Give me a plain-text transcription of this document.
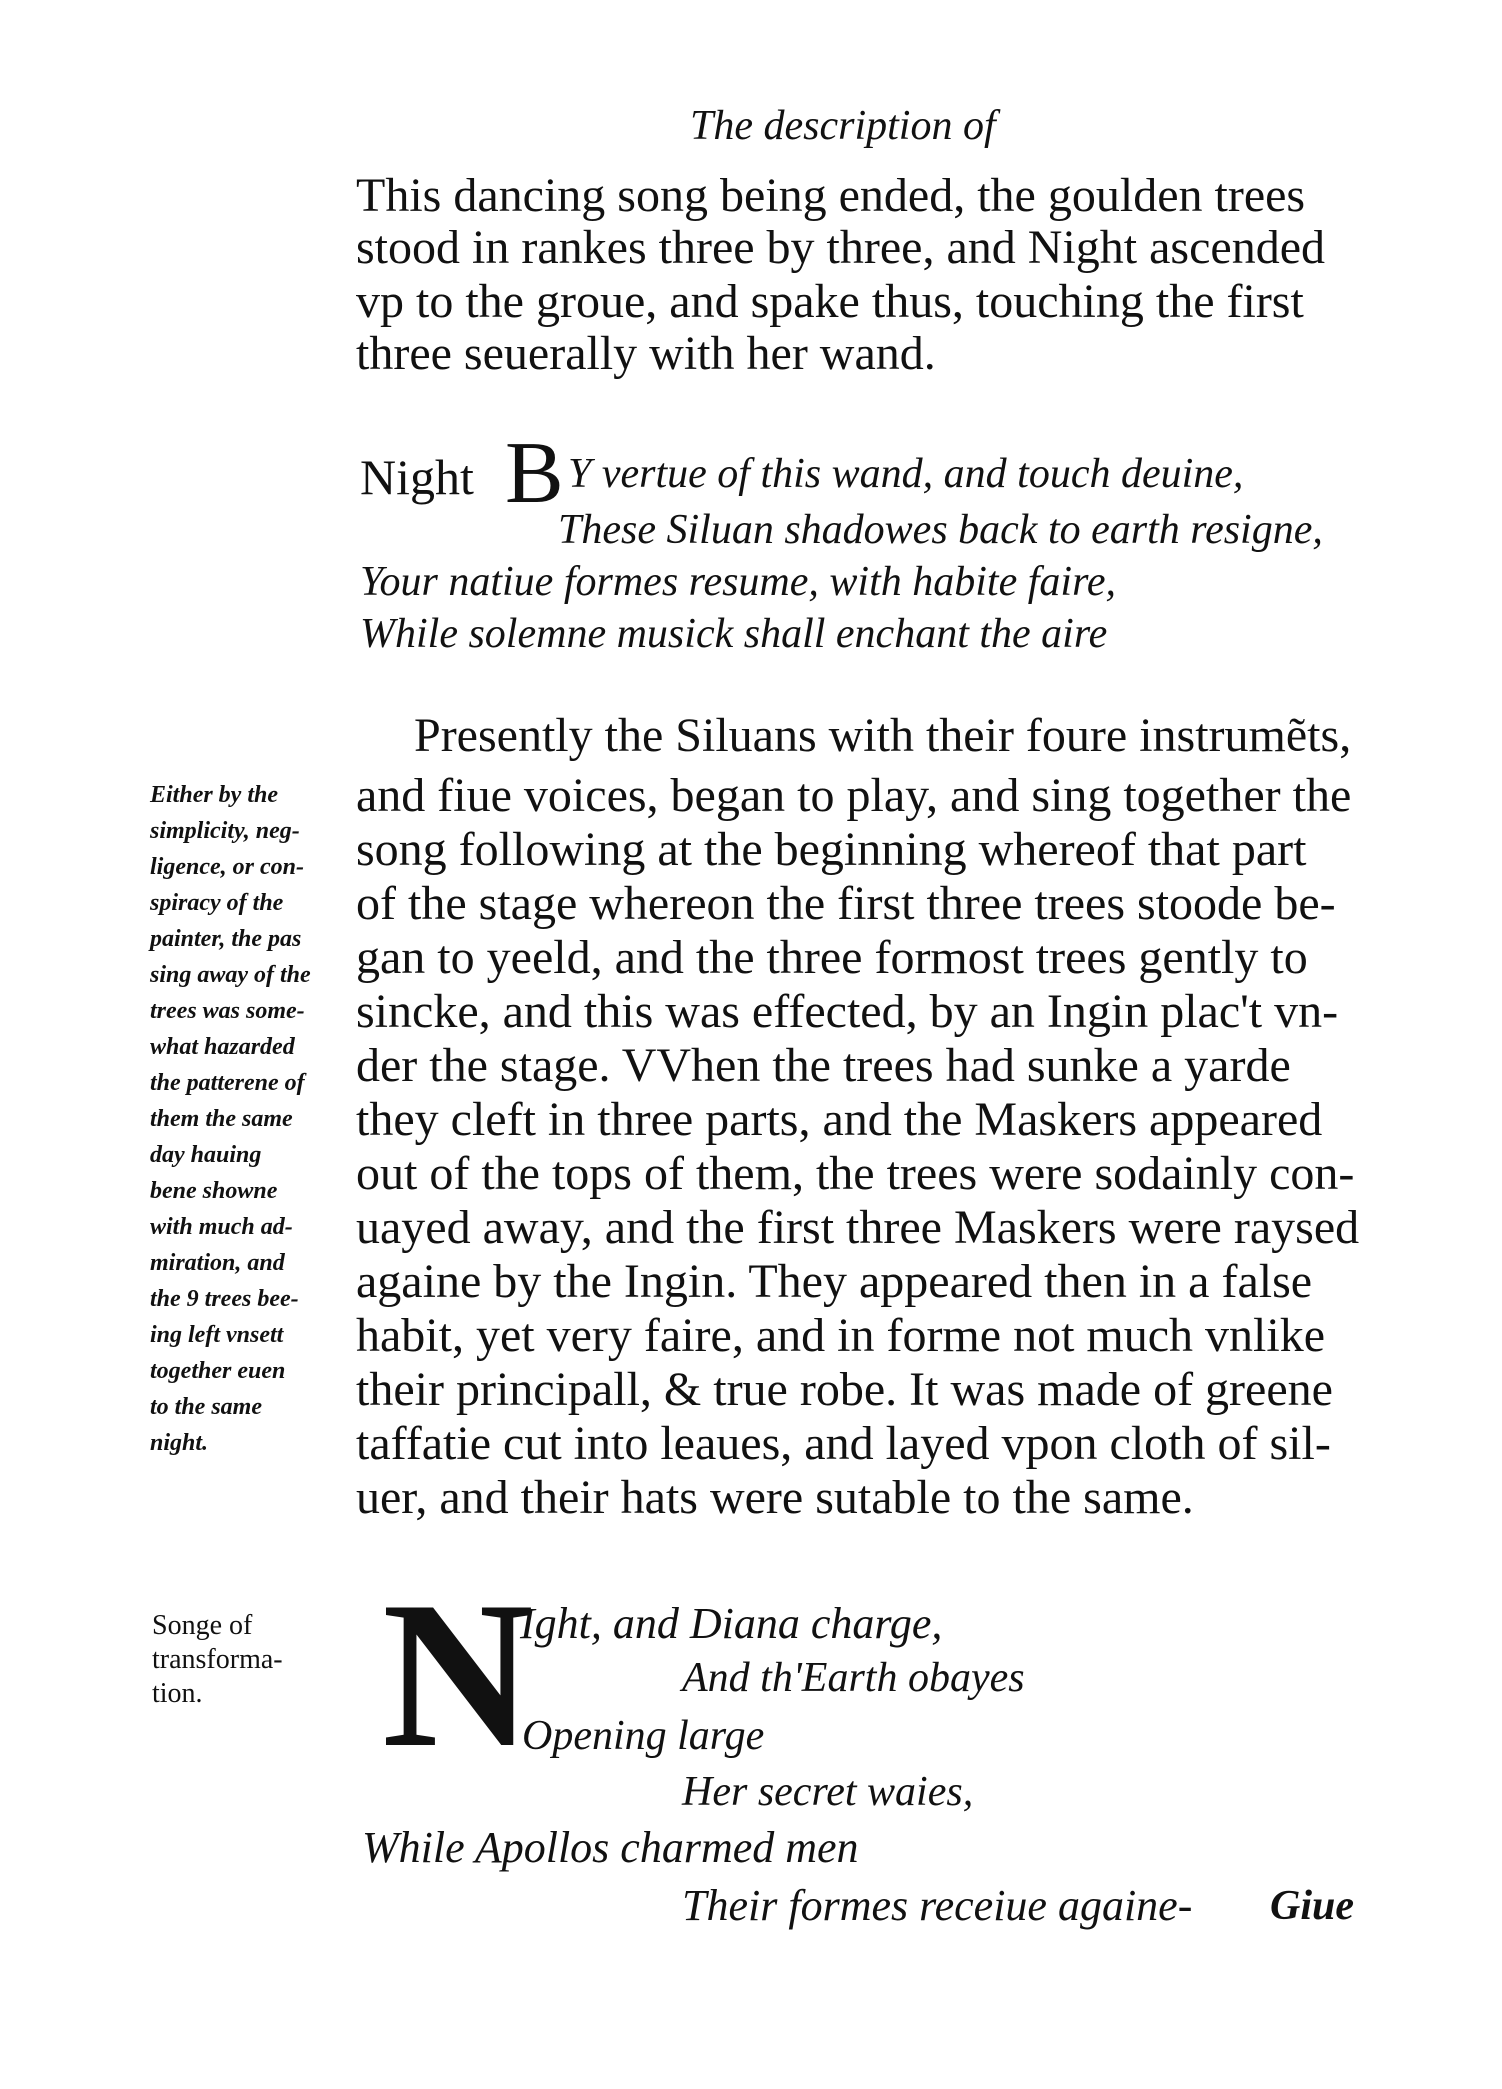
The description of
This dancing song being ended, the goulden trees
stood in rankes three by three, and Night ascended
vp to the groue, and spake thus, touching the first
three seuerally with her wand.
Night B Y vertue of this wand, and touch deuine,
These Siluan shadowes back to earth resigne,
Your natiue formes resume, with habite faire,
While solemne musick shall enchant the aire
Presently the Siluans with their foure instrumẽts,
and fiue voices, began to play, and sing together the
song following at the beginning whereof that part
of the stage whereon the first three trees stoode be-
gan to yeeld, and the three formost trees gently to
sincke, and this was effected, by an Ingin plac't vn-
der the stage. VVhen the trees had sunke a yarde
they cleft in three parts, and the Maskers appeared
out of the tops of them, the trees were sodainly con-
uayed away, and the first three Maskers were raysed
againe by the Ingin. They appeared then in a false
habit, yet very faire, and in forme not much vnlike
their principall, & true robe. It was made of greene
taffatie cut into leaues, and layed vpon cloth of sil-
uer, and their hats were sutable to the same.
Either by the
simplicity, neg-
ligence, or con-
spiracy of the
painter, the pas
sing away of the
trees was some-
what hazarded
the patterene of
them the same
day hauing
bene showne
with much ad-
miration, and
the 9 trees bee-
ing left vnsett
together euen
to the same
night.
Songe of
transforma-
tion. N
Ight, and Diana charge,
And th'Earth obayes
Opening large
Her secret waies,
While Apollos charmed men
Their formes receiue againe- Giue
